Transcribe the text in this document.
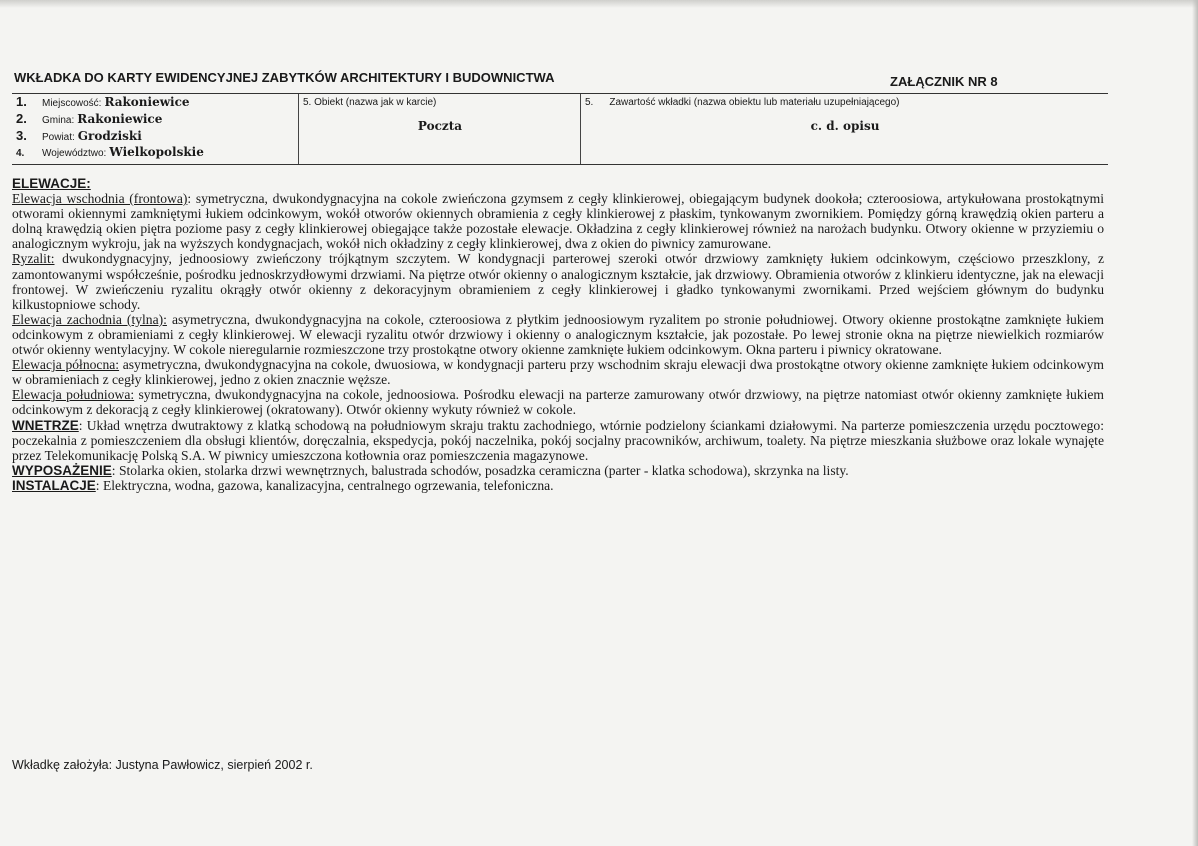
WKŁADKA DO KARTY EWIDENCYJNEJ ZABYTKÓW ARCHITEKTURY I BUDOWNICTWA	ZAŁĄCZNIK NR 8
1.	Miejscowość: Rakoniewice
2.	Gmina: Rakoniewice
3.	Powiat: Grodziski
4.	Województwo: Wielkopolskie
5. Obiekt (nazwa jak w karcie)
Poczta
5. Zawartość wkładki (nazwa obiektu lub materiału uzupełniającego)
c. d. opisu

ELEWACJE:

Elewacja wschodnia (frontowa): symetryczna, dwukondygnacyjna na cokole zwieńczona gzymsem z cegły klinkierowej, obiegającym budynek dookoła; czteroosiowa, artykułowana prostokątnymi otworami okiennymi zamkniętymi łukiem odcinkowym, wokół otworów okiennych obramienia z cegły klinkierowej z płaskim, tynkowanym zwornikiem. Pomiędzy górną krawędzią okien parteru a dolną krawędzią okien piętra poziome pasy z cegły klinkierowej obiegające także pozostałe elewacje. Okładzina z cegły klinkierowej również na narożach budynku. Otwory okienne w przyziemiu o analogicznym wykroju, jak na wyższych kondygnacjach, wokół nich okładziny z cegły klinkierowej, dwa z okien do piwnicy zamurowane.

Ryzalit: dwukondygnacyjny, jednoosiowy zwieńczony trójkątnym szczytem. W kondygnacji parterowej szeroki otwór drzwiowy zamknięty łukiem odcinkowym, częściowo przeszklony, z zamontowanymi współcześnie, pośrodku jednoskrzydłowymi drzwiami. Na piętrze otwór okienny o analogicznym kształcie, jak drzwiowy. Obramienia otworów z klinkieru identyczne, jak na elewacji frontowej. W zwieńczeniu ryzalitu okrągły otwór okienny z dekoracyjnym obramieniem z cegły klinkierowej i gładko tynkowanymi zwornikami. Przed wejściem głównym do budynku kilkustopniowe schody.

Elewacja zachodnia (tylna): asymetryczna, dwukondygnacyjna na cokole, czteroosiowa z płytkim jednoosiowym ryzalitem po stronie południowej. Otwory okienne prostokątne zamknięte łukiem odcinkowym z obramieniami z cegły klinkierowej. W elewacji ryzalitu otwór drzwiowy i okienny o analogicznym kształcie, jak pozostałe. Po lewej stronie okna na piętrze niewielkich rozmiarów otwór okienny wentylacyjny. W cokole nieregularnie rozmieszczone trzy prostokątne otwory okienne zamknięte łukiem odcinkowym. Okna parteru i piwnicy okratowane.

Elewacja północna: asymetryczna, dwukondygnacyjna na cokole, dwuosiowa, w kondygnacji parteru przy wschodnim skraju elewacji dwa prostokątne otwory okienne zamknięte łukiem odcinkowym w obramieniach z cegły klinkierowej, jedno z okien znacznie węższe.

Elewacja południowa: symetryczna, dwukondygnacyjna na cokole, jednoosiowa. Pośrodku elewacji na parterze zamurowany otwór drzwiowy, na piętrze natomiast otwór okienny zamknięte łukiem odcinkowym z dekoracją z cegły klinkierowej (okratowany). Otwór okienny wykuty również w cokole.

WNETRZE: Układ wnętrza dwutraktowy z klatką schodową na południowym skraju traktu zachodniego, wtórnie podzielony ściankami działowymi. Na parterze pomieszczenia urzędu pocztowego: poczekalnia z pomieszczeniem dla obsługi klientów, doręczalnia, ekspedycja, pokój naczelnika, pokój socjalny pracowników, archiwum, toalety. Na piętrze mieszkania służbowe oraz lokale wynajęte przez Telekomunikację Polską S.A. W piwnicy umieszczona kotłownia oraz pomieszczenia magazynowe.

WYPOSAŻENIE: Stolarka okien, stolarka drzwi wewnętrznych, balustrada schodów, posadzka ceramiczna (parter - klatka schodowa), skrzynka na listy.

INSTALACJE: Elektryczna, wodna, gazowa, kanalizacyjna, centralnego ogrzewania, telefoniczna.

Wkładkę założyła: Justyna Pawłowicz, sierpień 2002 r.
